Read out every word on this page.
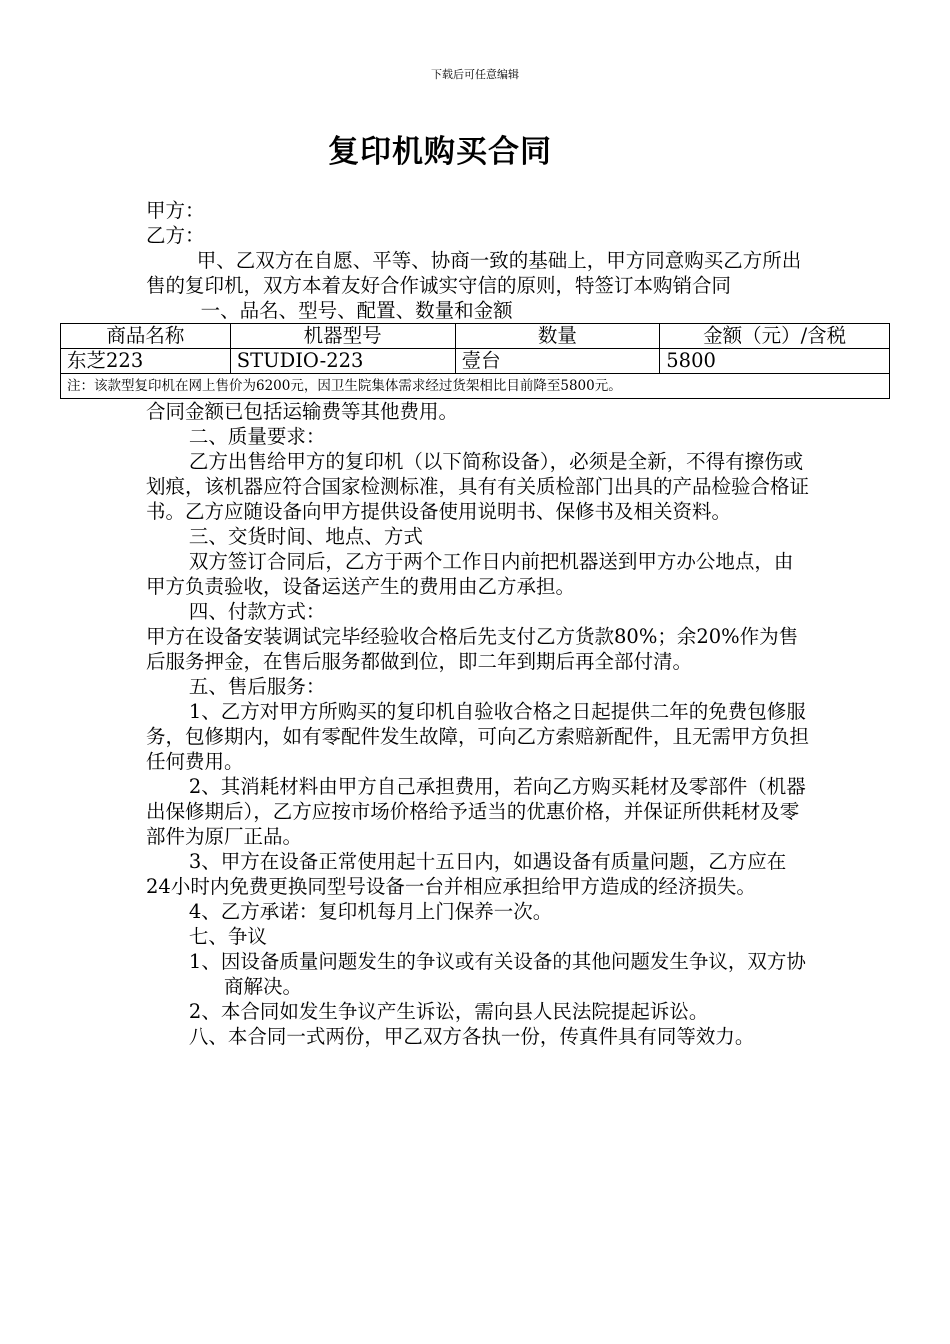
下载后可任意编辑
复印机购买合同

甲方：

乙方：

甲、乙双方在自愿、平等、协商一致的基础上，甲方同意购买乙方所出售的复印机，双方本着友好合作诚实守信的原则，特签订本购销合同

一、品名、型号、配置、数量和金额

商品名称	机器型号	数量	金额（元）/含税
东芝223	STUDIO-223	壹台	5800
注：该款型复印机在网上售价为6200元，因卫生院集体需求经过货架相比目前降至5800元。			

合同金额已包括运输费等其他费用。

二、质量要求：

乙方出售给甲方的复印机（以下简称设备），必须是全新，不得有擦伤或划痕，该机器应符合国家检测标准，具有有关质检部门出具的产品检验合格证书。乙方应随设备向甲方提供设备使用说明书、保修书及相关资料。

三、交货时间、地点、方式

双方签订合同后，乙方于两个工作日内前把机器送到甲方办公地点，由甲方负责验收，设备运送产生的费用由乙方承担。

四、付款方式：

甲方在设备安装调试完毕经验收合格后先支付乙方货款80%；余20%作为售后服务押金，在售后服务都做到位，即二年到期后再全部付清。

五、售后服务：

1、乙方对甲方所购买的复印机自验收合格之日起提供二年的免费包修服务，包修期内，如有零配件发生故障，可向乙方索赔新配件，且无需甲方负担任何费用。

2、其消耗材料由甲方自己承担费用，若向乙方购买耗材及零部件（机器出保修期后），乙方应按市场价格给予适当的优惠价格，并保证所供耗材及零部件为原厂正品。

3、甲方在设备正常使用起十五日内，如遇设备有质量问题，乙方应在24小时内免费更换同型号设备一台并相应承担给甲方造成的经济损失。

4、乙方承诺：复印机每月上门保养一次。

七、争议

1、因设备质量问题发生的争议或有关设备的其他问题发生争议，双方协商解决。

2、本合同如发生争议产生诉讼，需向县人民法院提起诉讼。

八、本合同一式两份，甲乙双方各执一份，传真件具有同等效力。
